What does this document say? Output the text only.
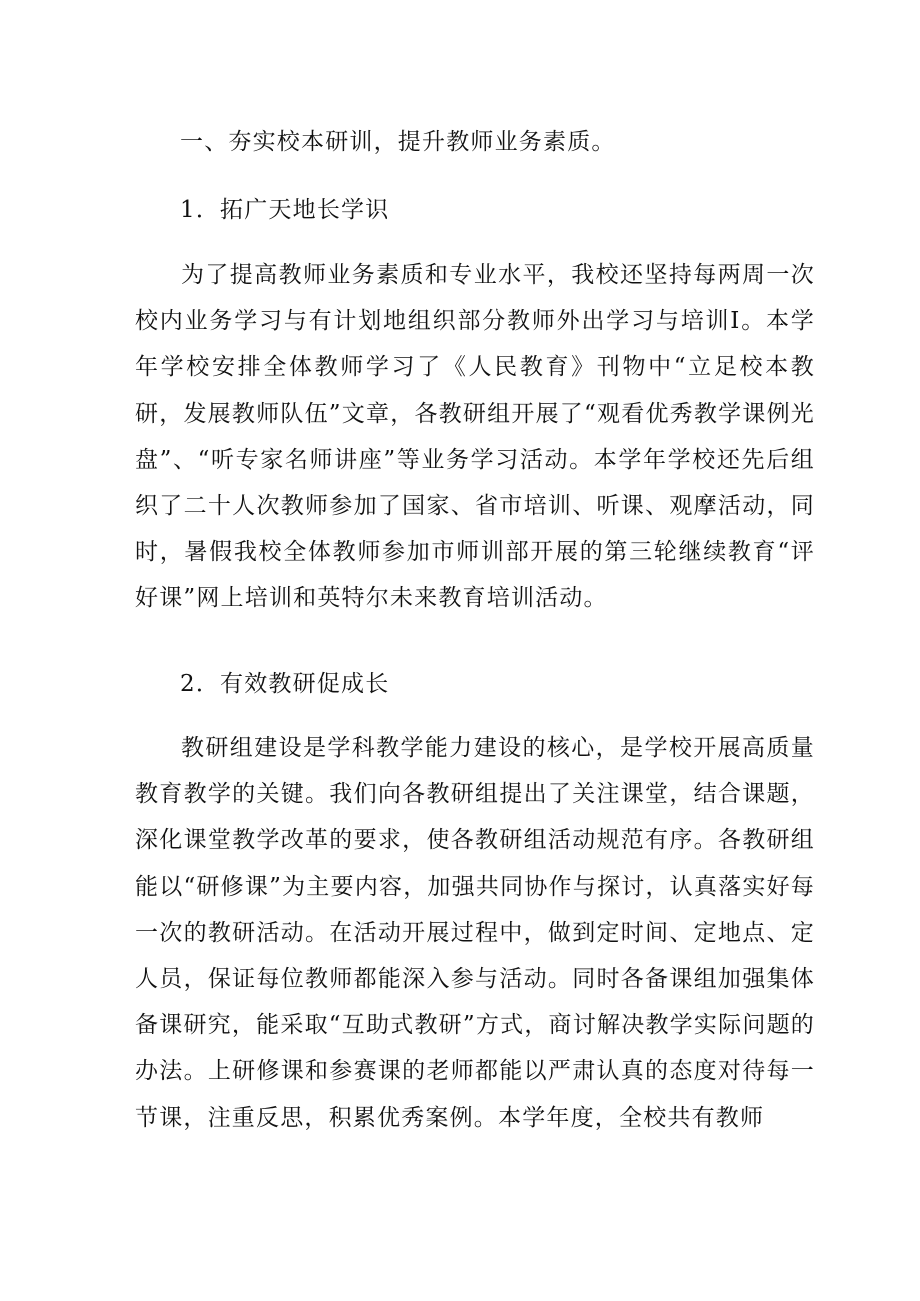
一、夯实校本研训，提升教师业务素质。
1．拓广天地长学识

为了提高教师业务素质和专业水平，我校还坚持每两周一次校内业务学习与有计划地组织部分教师外出学习与培训Ⅰ。本学年学校安排全体教师学习了《人民教育》刊物中“立足校本教研，发展教师队伍”文章，各教研组开展了“观看优秀教学课例光盘”、“听专家名师讲座”等业务学习活动。本学年学校还先后组织了二十人次教师参加了国家、省市培训、听课、观摩活动，同时，暑假我校全体教师参加市师训部开展的第三轮继续教育“评好课”网上培训和英特尔未来教育培训活动。

2．有效教研促成长

教研组建设是学科教学能力建设的核心，是学校开展高质量教育教学的关键。我们向各教研组提出了关注课堂，结合课题，深化课堂教学改革的要求，使各教研组活动规范有序。各教研组能以“研修课”为主要内容，加强共同协作与探讨，认真落实好每一次的教研活动。在活动开展过程中，做到定时间、定地点、定人员，保证每位教师都能深入参与活动。同时各备课组加强集体备课研究，能采取“互助式教研”方式，商讨解决教学实际问题的办法。上研修课和参赛课的老师都能以严肃认真的态度对待每一节课，注重反思，积累优秀案例。本学年度，全校共有教师
